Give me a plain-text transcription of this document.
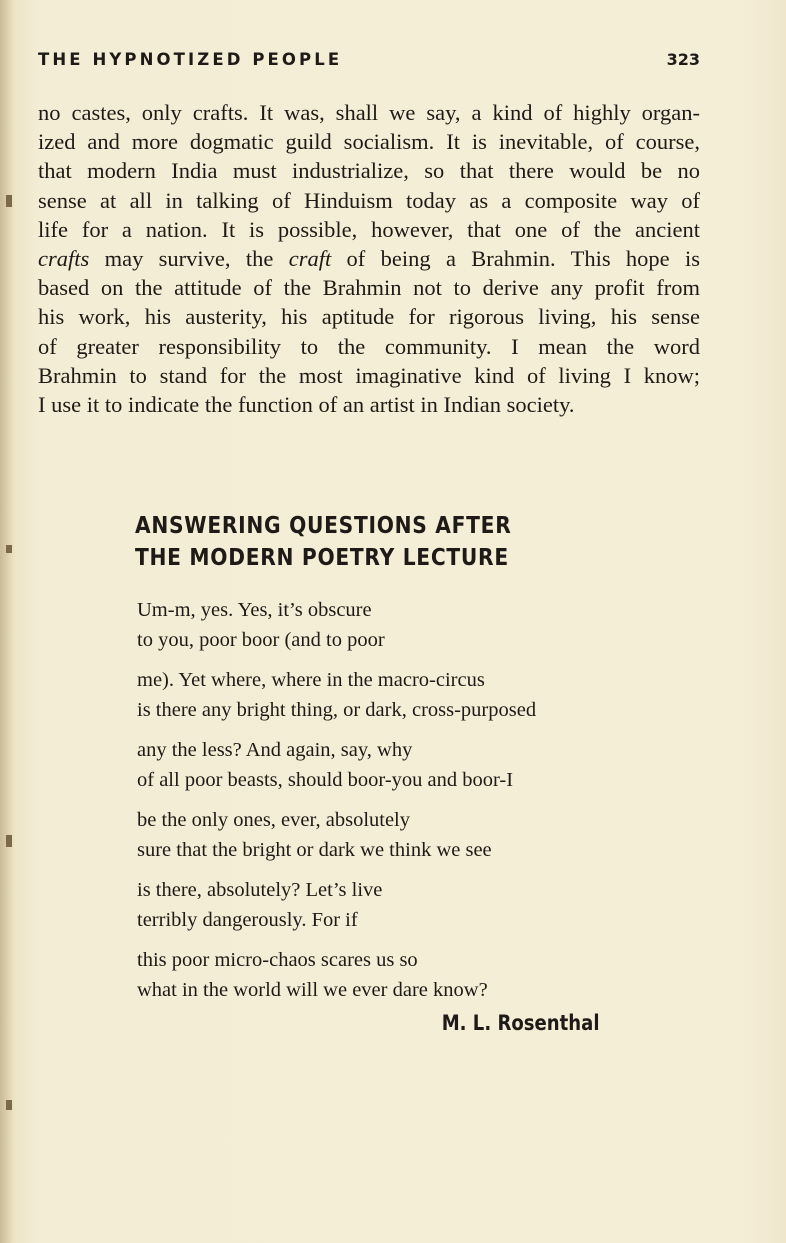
THE HYPNOTIZED PEOPLE	323
no castes, only crafts. It was, shall we say, a kind of highly organ-
ized and more dogmatic guild socialism. It is inevitable, of course,
that modern India must industrialize, so that there would be no
sense at all in talking of Hinduism today as a composite way of
life for a nation. It is possible, however, that one of the ancient
crafts may survive, the craft of being a Brahmin. This hope is
based on the attitude of the Brahmin not to derive any profit from
his work, his austerity, his aptitude for rigorous living, his sense
of greater responsibility to the community. I mean the word
Brahmin to stand for the most imaginative kind of living I know;
I use it to indicate the function of an artist in Indian society.
ANSWERING QUESTIONS AFTER
THE MODERN POETRY LECTURE
Um-m, yes. Yes, it’s obscure
to you, poor boor (and to poor
me). Yet where, where in the macro-circus
is there any bright thing, or dark, cross-purposed
any the less? And again, say, why
of all poor beasts, should boor-you and boor-I
be the only ones, ever, absolutely
sure that the bright or dark we think we see
is there, absolutely? Let’s live
terribly dangerously. For if
this poor micro-chaos scares us so
what in the world will we ever dare know?
M. L. Rosenthal
